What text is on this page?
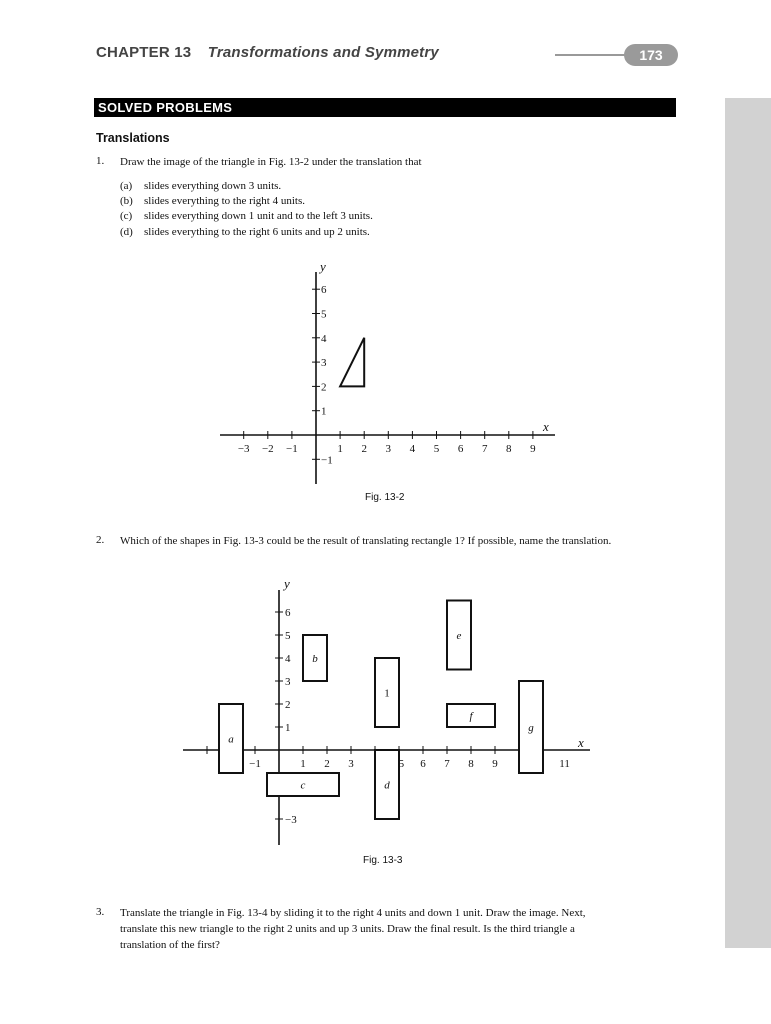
CHAPTER 13 Transformations and Symmetry	173
SOLVED PROBLEMS
Translations
1. Draw the image of the triangle in Fig. 13-2 under the translation that
(a) slides everything down 3 units.
(b) slides everything to the right 4 units.
(c) slides everything down 1 unit and to the left 3 units.
(d) slides everything to the right 6 units and up 2 units.
−3 −2 −1	1 2 3 4 5 6 7 8 9
−1
1
2
3
4
5
6
x
y
Fig. 13-2
2. Which of the shapes in Fig. 13-3 could be the result of translating rectangle 1? If possible, name the translation.
−1	1 2 3	5 6 7 8 9	11
1
2
3
4
5
6
−3
x
y
a
b
c
1
d
e
f
g
Fig. 13-3
3. Translate the triangle in Fig. 13-4 by sliding it to the right 4 units and down 1 unit. Draw the image. Next,
translate this new triangle to the right 2 units and up 3 units. Draw the final result. Is the third triangle a
translation of the first?
